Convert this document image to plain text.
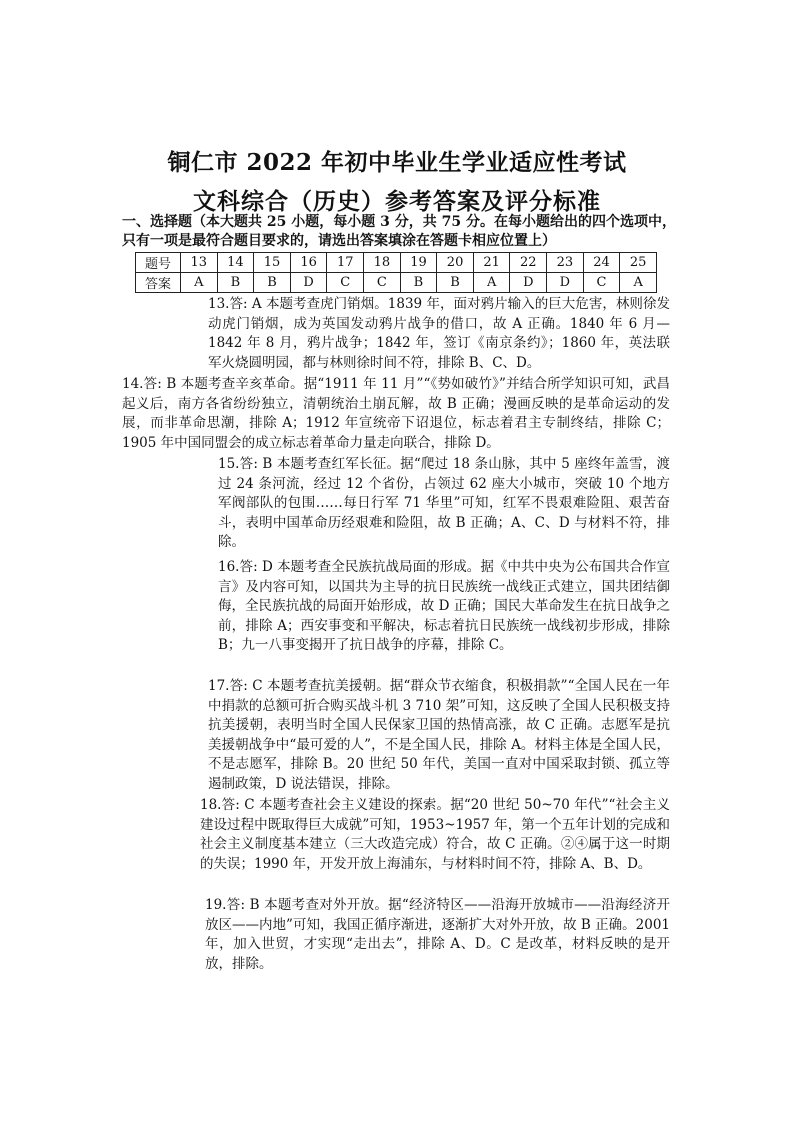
铜仁市 2022 年初中毕业生学业适应性考试
文科综合（历史）参考答案及评分标准

一、选择题（本大题共 25 小题，每小题 3 分，共 75 分。在每小题给出的四个选项中，只有一项是最符合题目要求的，请选出答案填涂在答题卡相应位置上）

题号	13	14	15	16	17	18	19	20	21	22	23	24	25
答案	A	B	B	D	C	C	B	B	A	D	D	C	A

13.答: A 本题考查虎门销烟。1839 年，面对鸦片输入的巨大危害，林则徐发动虎门销烟，成为英国发动鸦片战争的借口，故 A 正确。1840 年 6 月—1842 年 8 月，鸦片战争；1842 年，签订《南京条约》；1860 年，英法联军火烧圆明园，都与林则徐时间不符，排除 B、C、D。

14.答: B 本题考查辛亥革命。据“1911 年 11 月”“《势如破竹》”并结合所学知识可知，武昌起义后，南方各省纷纷独立，清朝统治土崩瓦解，故 B 正确；漫画反映的是革命运动的发展，而非革命思潮，排除 A；1912 年宣统帝下诏退位，标志着君主专制终结，排除 C；1905 年中国同盟会的成立标志着革命力量走向联合，排除 D。

15.答: B 本题考查红军长征。据“爬过 18 条山脉，其中 5 座终年盖雪，渡过 24 条河流，经过 12 个省份，占领过 62 座大小城市，突破 10 个地方军阀部队的包围……每日行军 71 华里”可知，红军不畏艰难险阻、艰苦奋斗，表明中国革命历经艰难和险阻，故 B 正确；A、C、D 与材料不符，排除。

16.答: D 本题考查全民族抗战局面的形成。据《中共中央为公布国共合作宣言》及内容可知，以国共为主导的抗日民族统一战线正式建立，国共团结御侮，全民族抗战的局面开始形成，故 D 正确；国民大革命发生在抗日战争之前，排除 A；西安事变和平解决，标志着抗日民族统一战线初步形成，排除 B；九一八事变揭开了抗日战争的序幕，排除 C。

17.答: C 本题考查抗美援朝。据“群众节衣缩食，积极捐款”“全国人民在一年中捐款的总额可折合购买战斗机 3 710 架”可知，这反映了全国人民积极支持抗美援朝，表明当时全国人民保家卫国的热情高涨，故 C 正确。志愿军是抗美援朝战争中“最可爱的人”，不是全国人民，排除 A。材料主体是全国人民，不是志愿军，排除 B。20 世纪 50 年代，美国一直对中国采取封锁、孤立等遏制政策，D 说法错误，排除。

18.答: C 本题考查社会主义建设的探索。据“20 世纪 50~70 年代”“社会主义建设过程中既取得巨大成就”可知，1953~1957 年，第一个五年计划的完成和社会主义制度基本建立（三大改造完成）符合，故 C 正确。②④属于这一时期的失误；1990 年，开发开放上海浦东，与材料时间不符，排除 A、B、D。

19.答: B 本题考查对外开放。据“经济特区——沿海开放城市——沿海经济开放区——内地”可知，我国正循序渐进，逐渐扩大对外开放，故 B 正确。2001 年，加入世贸，才实现“走出去”，排除 A、D。C 是改革，材料反映的是开放，排除。
